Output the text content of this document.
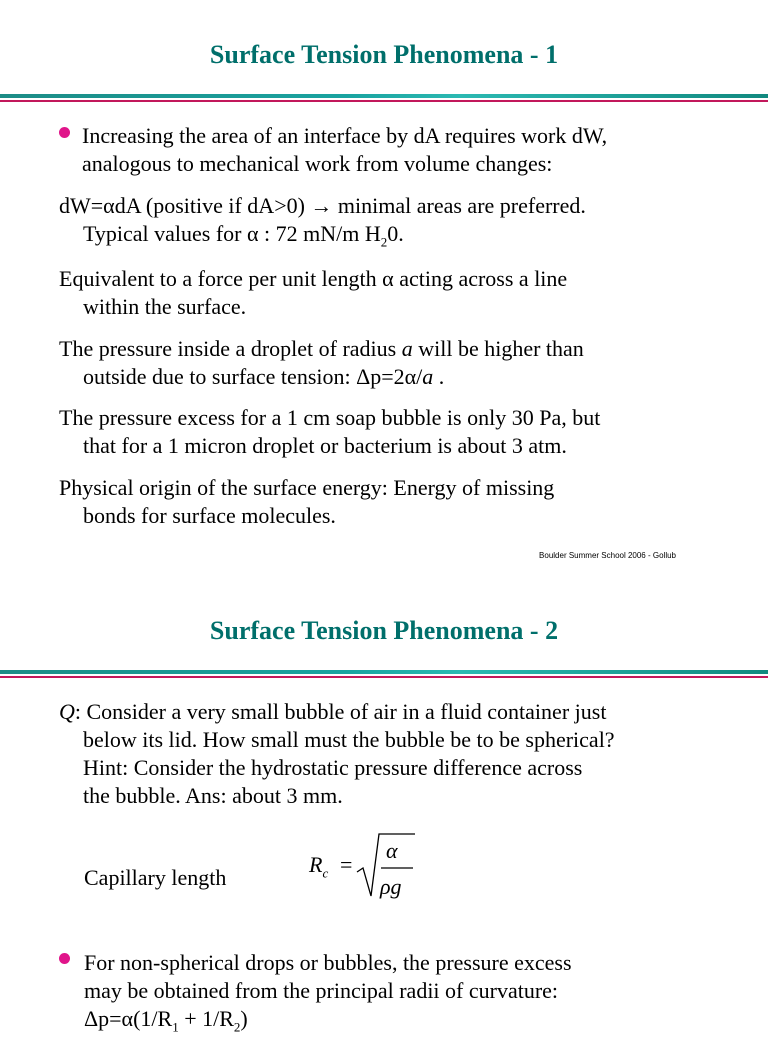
Surface Tension Phenomena - 1
Increasing the area of an interface by dA requires work dW,
analogous to mechanical work from volume changes:
dW=αdA (positive if dA>0) → minimal areas are preferred.
Typical values for α : 72 mN/m $H_20$.
Equivalent to a force per unit length α acting across a line
within the surface.
The pressure inside a droplet of radius a will be higher than
outside due to surface tension: Δp=2α/a .
The pressure excess for a 1 cm soap bubble is only 30 Pa, but
that for a 1 micron droplet or bacterium is about 3 atm.
Physical origin of the surface energy: Energy of missing
bonds for surface molecules.
Boulder Summer School 2006 - Gollub
Surface Tension Phenomena - 2
Q: Consider a very small bubble of air in a fluid container just
below its lid. How small must the bubble be to be spherical?
Hint: Consider the hydrostatic pressure difference across
the bubble. Ans: about 3 mm.
Capillary length
$R_c$ =
α
ρg
For non-spherical drops or bubbles, the pressure excess
may be obtained from the principal radii of curvature:
$\Delta p=\alpha(1/R_1 + 1/R_2)$
